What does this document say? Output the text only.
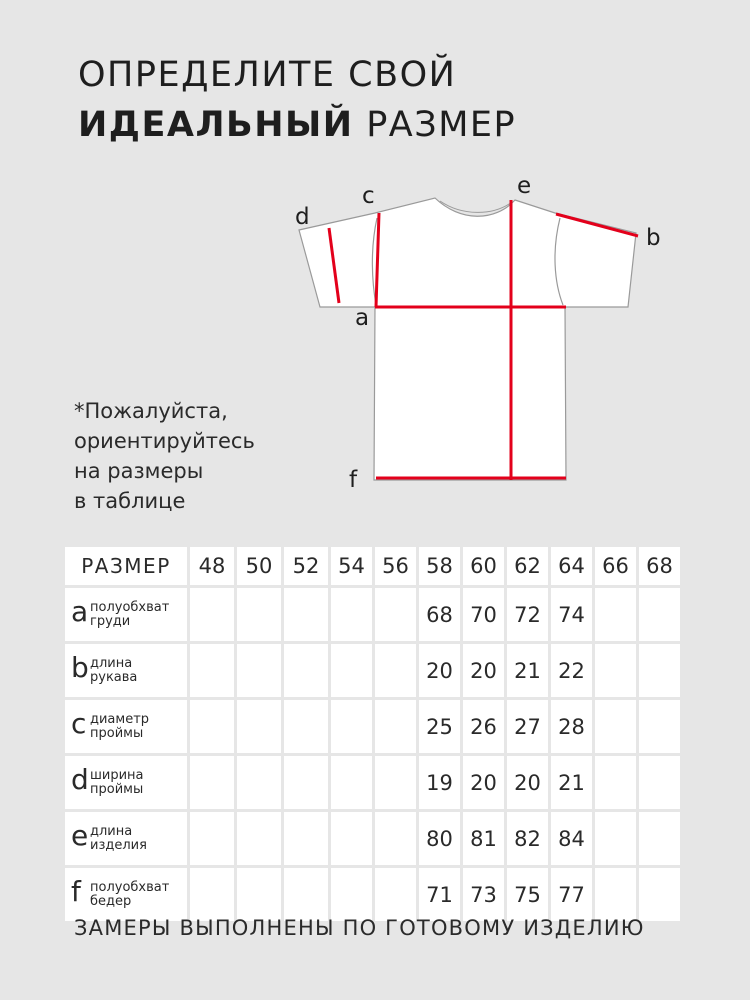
ОПРЕДЕЛИТЕ СВОЙ
ИДЕАЛЬНЫЙ РАЗМЕР
a
b
c
d
e
f
*Пожалуйста,
ориентируйтесь
на размеры
в таблице
РАЗМЕР	48	50	52	54	56	58	60	62	64	66	68

a полуобхват
груди						68	70	72	74		

b длина
рукава						20	20	21	22		

c диаметр
проймы						25	26	27	28		

d ширина
проймы						19	20	20	21		

e длина
изделия						80	81	82	84		

f полуобхват
бедер						71	73	75	77		
ЗАМЕРЫ ВЫПОЛНЕНЫ ПО ГОТОВОМУ ИЗДЕЛИЮ
